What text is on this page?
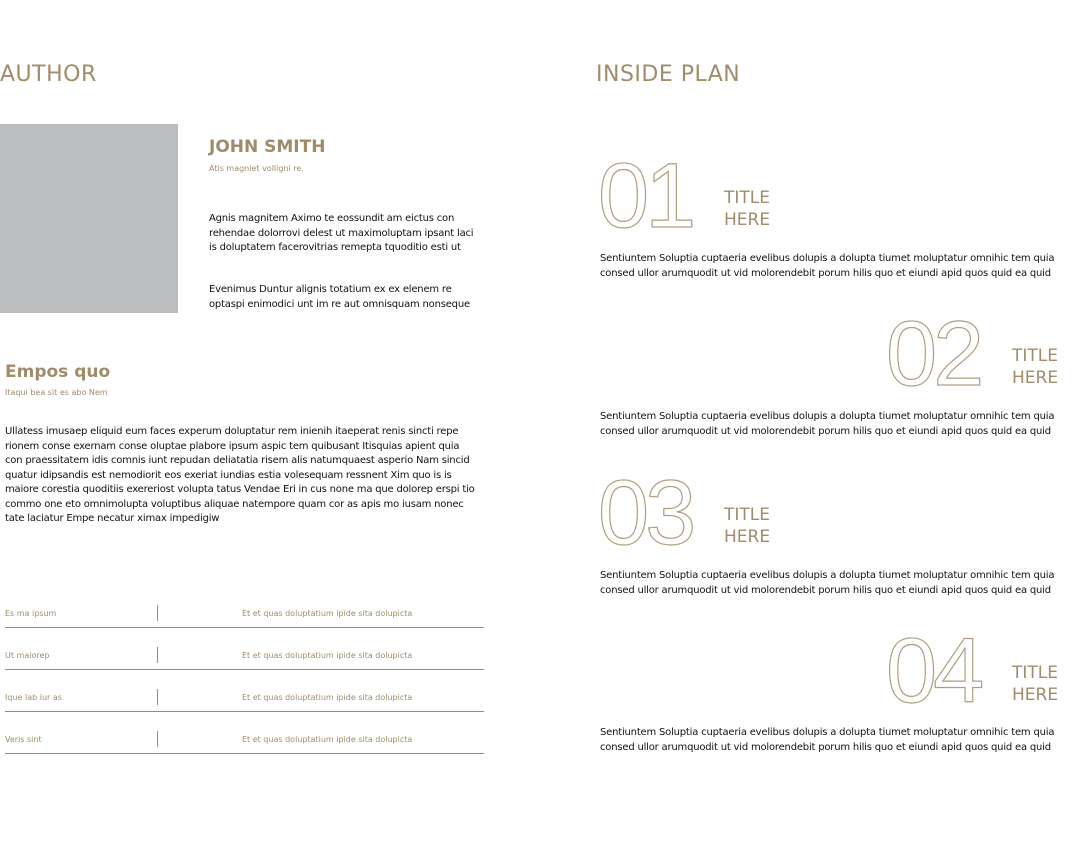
AUTHOR
JOHN SMITH
Atis magniet volligni re.

Agnis magnitem Aximo te eossundit am eictus con rehendae dolorrovi delest ut maximoluptam ipsant laci is doluptatem facerovitrias remepta tquoditio esti ut

Evenimus Duntur alignis totatium ex ex elenem re optaspi enimodici unt im re aut omnisquam nonseque

Empos quo
Itaqui bea sit es abo Nem

Ullatess imusaep eliquid eum faces experum doluptatur rem inienih itaeperat renis sincti repe rionem conse exernam conse oluptae plabore ipsum aspic tem quibusant Itisquias apient quia con praessitatem idis comnis iunt repudan deliatatia risem alis natumquaest asperio Nam sincid quatur idipsandis est nemodiorit eos exeriat iundias estia volesequam ressnent Xim quo is is maiore corestia quoditiis exereriost volupta tatus Vendae Eri in cus none ma que dolorep erspi tio commo one eto omnimolupta voluptibus aliquae natempore quam cor as apis mo iusam nonec tate laciatur Empe necatur ximax impedigiw

Es ma ipsum	Et et quas doluptatium ipide sita dolupicta
Ut maiorep	Et et quas doluptatium ipide sita dolupicta
Ique lab iur as	Et et quas doluptatium ipide sita dolupicta
Veris sint	Et et quas doluptatium ipide sita dolupicta
INSIDE PLAN
01 TITLE
HERE

Sentiuntem Soluptia cuptaeria evelibus dolupis a dolupta tiumet moluptatur omnihic tem quia consed ullor arumquodit ut vid molorendebit porum hilis quo et eiundi apid quos quid ea quid

02 TITLE
HERE

Sentiuntem Soluptia cuptaeria evelibus dolupis a dolupta tiumet moluptatur omnihic tem quia consed ullor arumquodit ut vid molorendebit porum hilis quo et eiundi apid quos quid ea quid

03 TITLE
HERE

Sentiuntem Soluptia cuptaeria evelibus dolupis a dolupta tiumet moluptatur omnihic tem quia consed ullor arumquodit ut vid molorendebit porum hilis quo et eiundi apid quos quid ea quid

04 TITLE
HERE

Sentiuntem Soluptia cuptaeria evelibus dolupis a dolupta tiumet moluptatur omnihic tem quia consed ullor arumquodit ut vid molorendebit porum hilis quo et eiundi apid quos quid ea quid
